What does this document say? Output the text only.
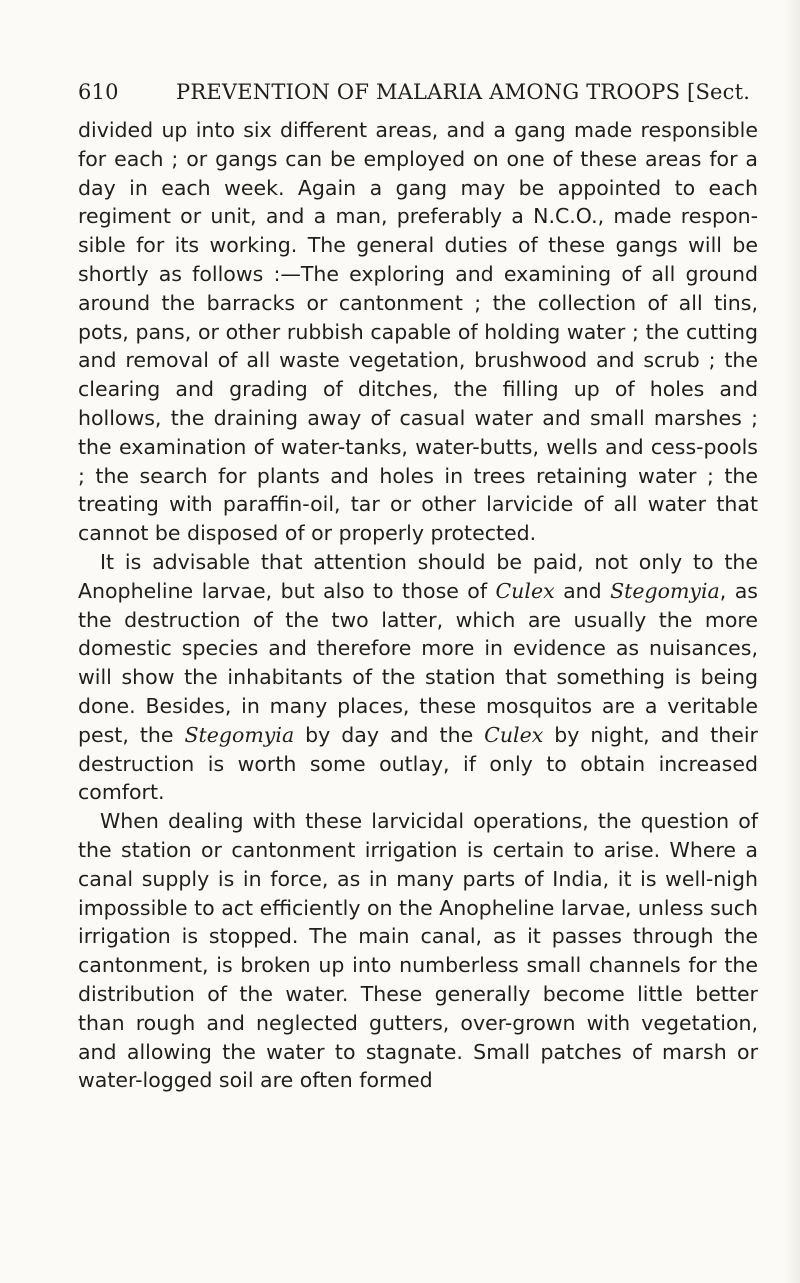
610	PREVENTION OF MALARIA AMONG TROOPS [Sect.

divided up into six different areas, and a gang made responsible for each ; or gangs can be employed on one of these areas for a day in each week. Again a gang may be appointed to each regiment or unit, and a man, preferably a N.C.O., made respon-sible for its working. The general duties of these gangs will be shortly as follows :—The exploring and examining of all ground around the barracks or cantonment ; the collection of all tins, pots, pans, or other rubbish capable of holding water ; the cutting and removal of all waste vegetation, brushwood and scrub ; the clearing and grading of ditches, the filling up of holes and hollows, the draining away of casual water and small marshes ; the examination of water-tanks, water-butts, wells and cess-pools ; the search for plants and holes in trees retaining water ; the treating with paraffin-oil, tar or other larvicide of all water that cannot be disposed of or properly protected.

It is advisable that attention should be paid, not only to the Anopheline larvae, but also to those of Culex and Stegomyia, as the destruction of the two latter, which are usually the more domestic species and therefore more in evidence as nuisances, will show the inhabitants of the station that something is being done. Besides, in many places, these mosquitos are a veritable pest, the Stegomyia by day and the Culex by night, and their destruction is worth some outlay, if only to obtain increased comfort.

When dealing with these larvicidal operations, the question of the station or cantonment irrigation is certain to arise. Where a canal supply is in force, as in many parts of India, it is well-nigh impossible to act efficiently on the Anopheline larvae, unless such irrigation is stopped. The main canal, as it passes through the cantonment, is broken up into numberless small channels for the distribution of the water. These generally become little better than rough and neglected gutters, over-grown with vegetation, and allowing the water to stagnate. Small patches of marsh or water-logged soil are often formed
